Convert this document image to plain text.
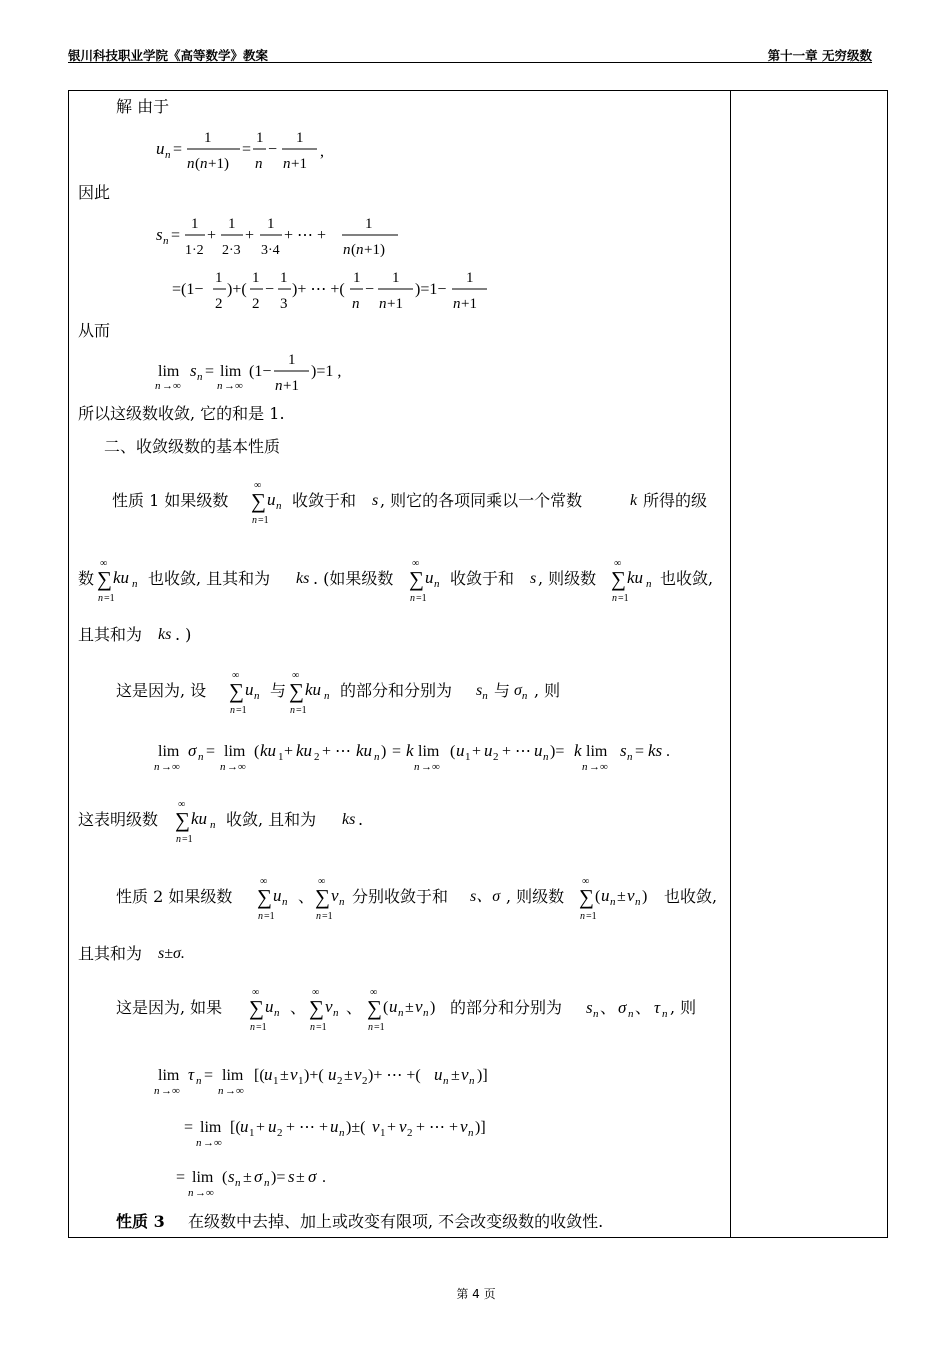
银川科技职业学院《高等数学》教案	第十一章 无穷级数
解 由于
u n =
1
n ( n +1)
=
1
n
−
1
n +1
,
因此
s n =
1
1·2
+
1
2·3
+
1
3·4
+ ⋯ +
1
n ( n +1)
=(1−
1
2
)+(
1
2
−
1
3
)+ ⋯ +(
1
n
−
1
n +1
)=1−
1
n +1
从而
lim
n →∞
s n = lim
n →∞
(1−
1
n +1
)=1 ,
所以这级数收敛, 它的和是 1.
二、收敛级数的基本性质
性质 1 如果级数
∞
∑ u n
n =1
收敛于和 s , 则它的各项同乘以一个常数	k 所得的级
数
∞
∑ ku n
n =1
也收敛, 且其和为 ks . (如果级数
∞
∑ u n
n =1
收敛于和 s , 则级数
∞
∑ ku n
n =1
也收敛,
且其和为 ks . )
这是因为, 设
∞
∑ u n
n =1
与
∞
∑ ku n
n =1
的部分和分别为 $s_n$ 与 $\sigma_n$ , 则
lim
n →∞
σ n = lim
n →∞
( ku 1 + ku 2 + ⋯ ku n ) = k lim
n →∞
( u 1 + u 2 + ⋯ u n )= k lim
n →∞
s n = ks .
这表明级数
∞
∑ ku n
n =1
收敛, 且和为 ks .
性质 2 如果级数
∞
∑ u n
n =1
、
∞
∑ v n
n =1
分别收敛于和 s、σ , 则级数
∞
∑ ( u n ± v n )
n =1
也收敛,
且其和为 s±σ.
这是因为, 如果
∞
∑ u n
n =1
、
∞
∑ v n
n =1
、
∞
∑ ( u n ± v n )
n =1
的部分和分别为 s n 、 σ n 、 τ n , 则
lim
n →∞
τ n = lim
n →∞
[( u 1 ± v 1 )+( u 2 ± v 2 )+ ⋯ +( u n ± v n )]
= lim
n →∞
[( u 1 + u 2 + ⋯ + u n )±( v 1 + v 2 + ⋯ + v n )]
= lim
n →∞
( s n ± σ n )= s ± σ .
性质 3 在级数中去掉、加上或改变有限项, 不会改变级数的收敛性.
第 4 页
